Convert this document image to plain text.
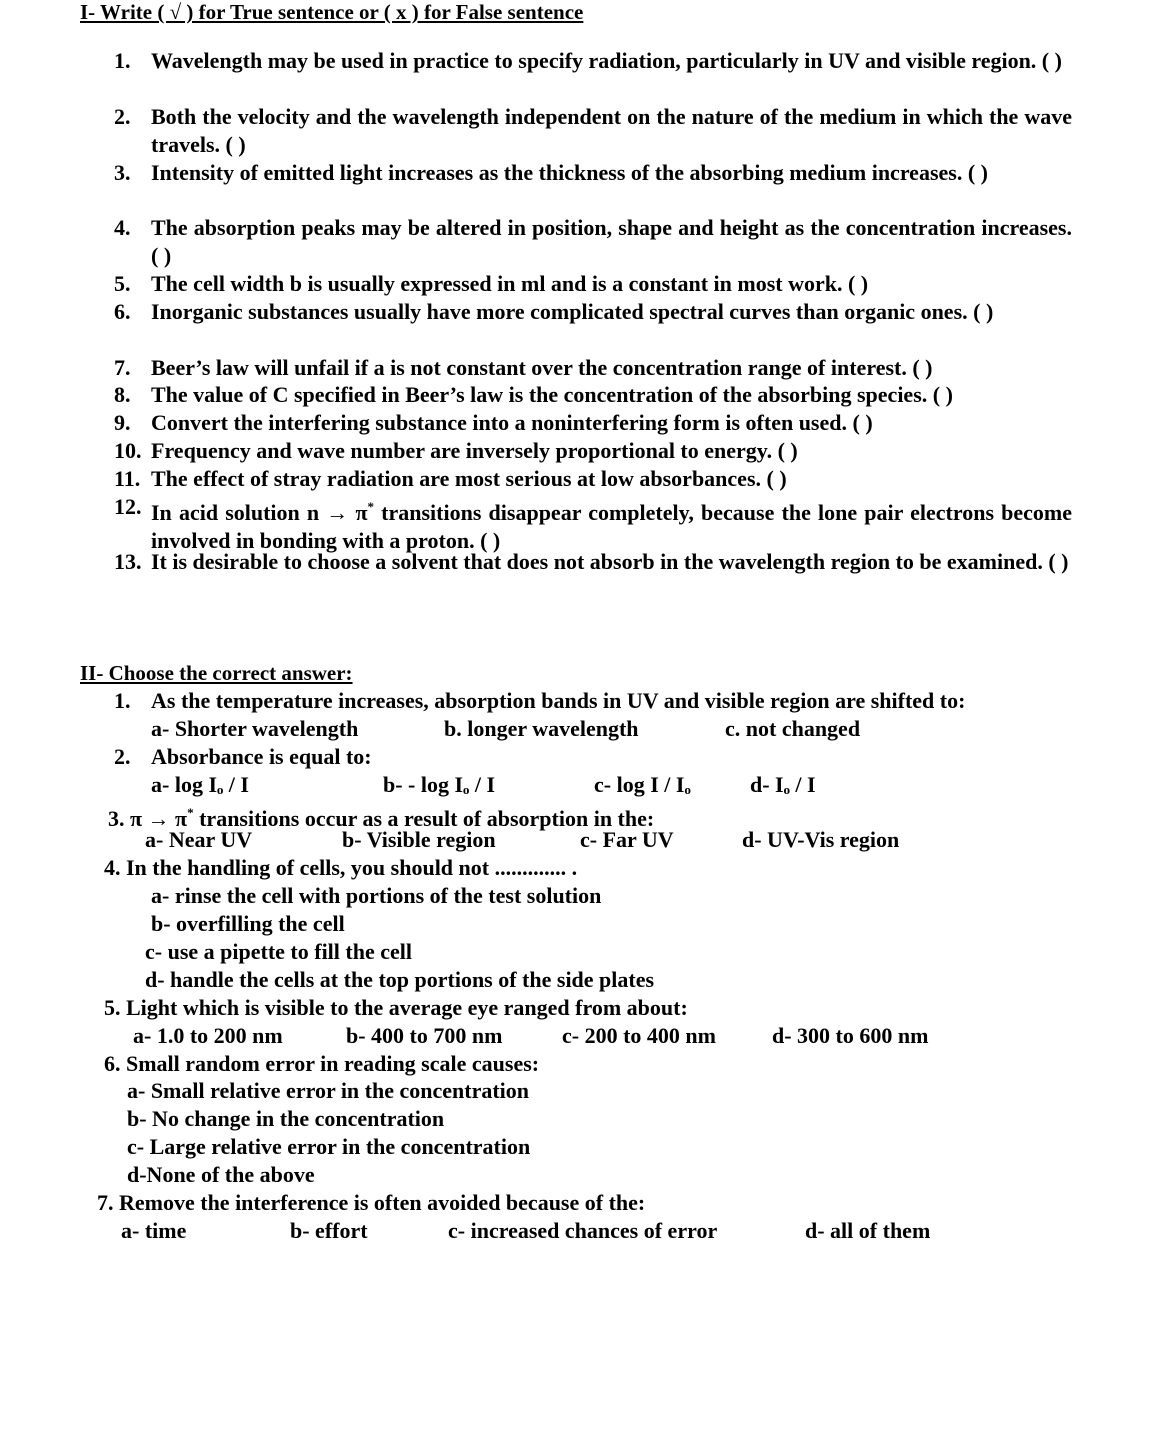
I- Write ( √ ) for True sentence or ( x ) for False sentence
1. Wavelength may be used in practice to specify radiation, particularly in UV and visible region. ( )
2. Both the velocity and the wavelength independent on the nature of the medium in which the wave travels. ( )
3. Intensity of emitted light increases as the thickness of the absorbing medium increases. ( )
4. The absorption peaks may be altered in position, shape and height as the concentration increases. ( )
5. The cell width b is usually expressed in ml and is a constant in most work. ( )
6. Inorganic substances usually have more complicated spectral curves than organic ones. ( )
7. Beer’s law will unfail if a is not constant over the concentration range of interest. ( )
8. The value of C specified in Beer’s law is the concentration of the absorbing species. ( )
9. Convert the interfering substance into a noninterfering form is often used. ( )
10. Frequency and wave number are inversely proportional to energy. ( )
11. The effect of stray radiation are most serious at low absorbances. ( )
12. In acid solution n → π* transitions disappear completely, because the lone pair electrons become involved in bonding with a proton. ( )
13. It is desirable to choose a solvent that does not absorb in the wavelength region to be examined. ( )
II- Choose the correct answer:
1. As the temperature increases, absorption bands in UV and visible region are shifted to:
a- Shorter wavelength	b. longer wavelength	c. not changed
2. Absorbance is equal to:
a- log Iₒ / I	b- - log Iₒ / I	c- log I / Iₒ	d- Iₒ / I
3. π → π* transitions occur as a result of absorption in the:
a- Near UV	b- Visible region	c- Far UV	d- UV-Vis region
4. In the handling of cells, you should not ............. .
a- rinse the cell with portions of the test solution
b- overfilling the cell
c- use a pipette to fill the cell
d- handle the cells at the top portions of the side plates
5. Light which is visible to the average eye ranged from about:
a- 1.0 to 200 nm	b- 400 to 700 nm	c- 200 to 400 nm	d- 300 to 600 nm
6. Small random error in reading scale causes:
a- Small relative error in the concentration
b- No change in the concentration
c- Large relative error in the concentration
d-None of the above
7. Remove the interference is often avoided because of the:
a- time	b- effort	c- increased chances of error	d- all of them
